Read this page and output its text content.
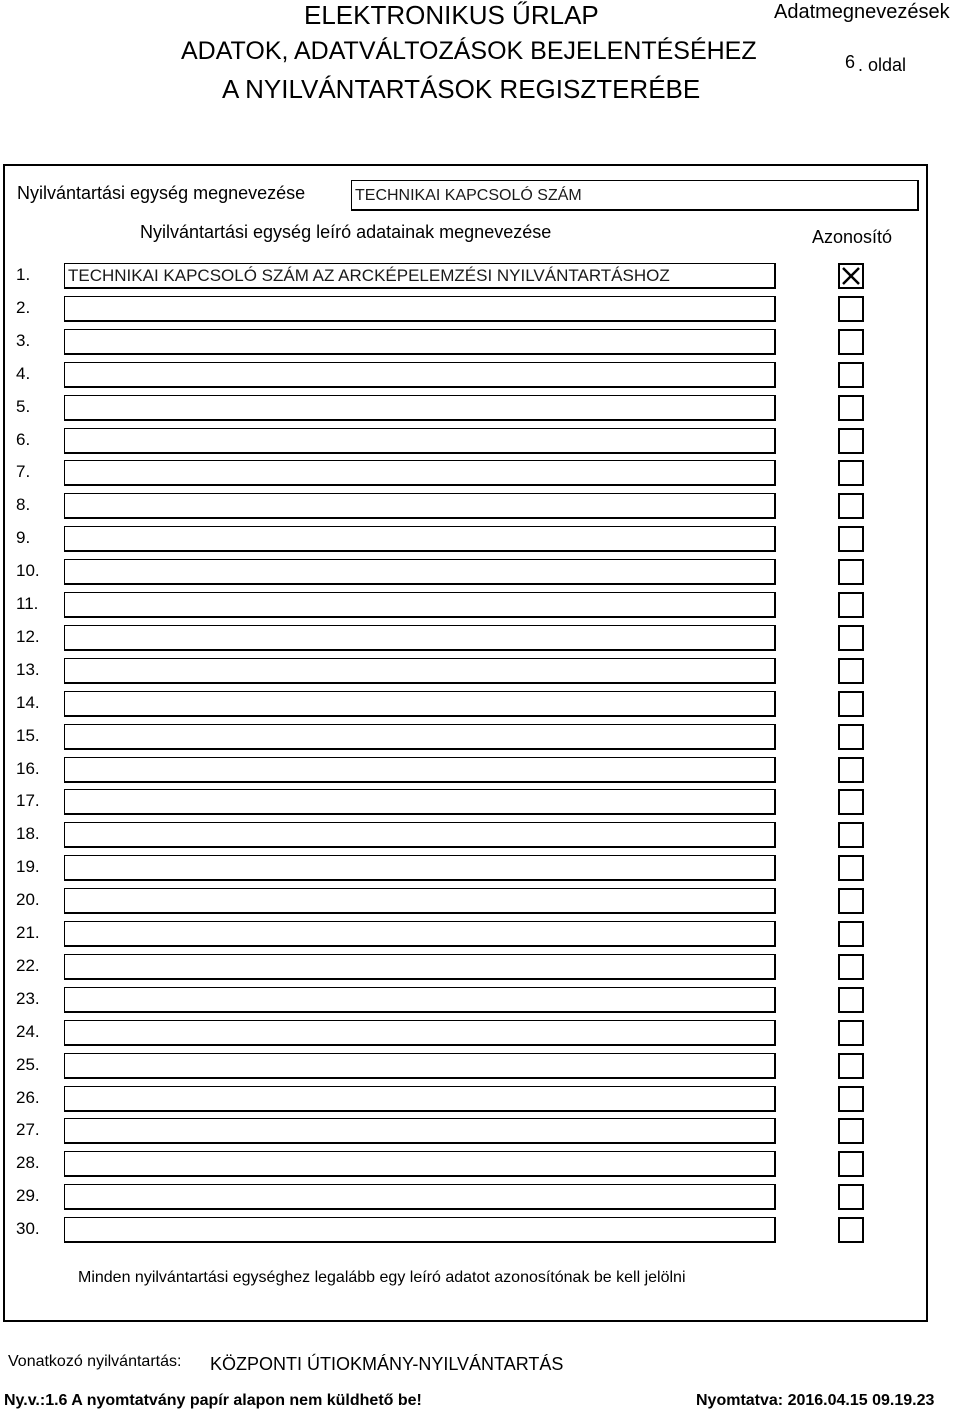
ELEKTRONIKUS ŰRLAP
ADATOK, ADATVÁLTOZÁSOK BEJELENTÉSÉHEZ
A NYILVÁNTARTÁSOK REGISZTERÉBE
Adatmegnevezések
6 . oldal
Nyilvántartási egység megnevezése	TECHNIKAI KAPCSOLÓ SZÁM
Nyilvántartási egység leíró adatainak megnevezése	Azonosító
1. TECHNIKAI KAPCSOLÓ SZÁM AZ ARCKÉPELEMZÉSI NYILVÁNTARTÁSHOZ
2.
3.
4.
5.
6.
7.
8.
9.
10.
11.
12.
13.
14.
15.
16.
17.
18.
19.
20.
21.
22.
23.
24.
25.
26.
27.
28.
29.
30.
Minden nyilvántartási egységhez legalább egy leíró adatot azonosítónak be kell jelölni
Vonatkozó nyilvántartás: KÖZPONTI ÚTIOKMÁNY-NYILVÁNTARTÁS
Ny.v.:1.6 A nyomtatvány papír alapon nem küldhető be!	Nyomtatva: 2016.04.15 09.19.23
